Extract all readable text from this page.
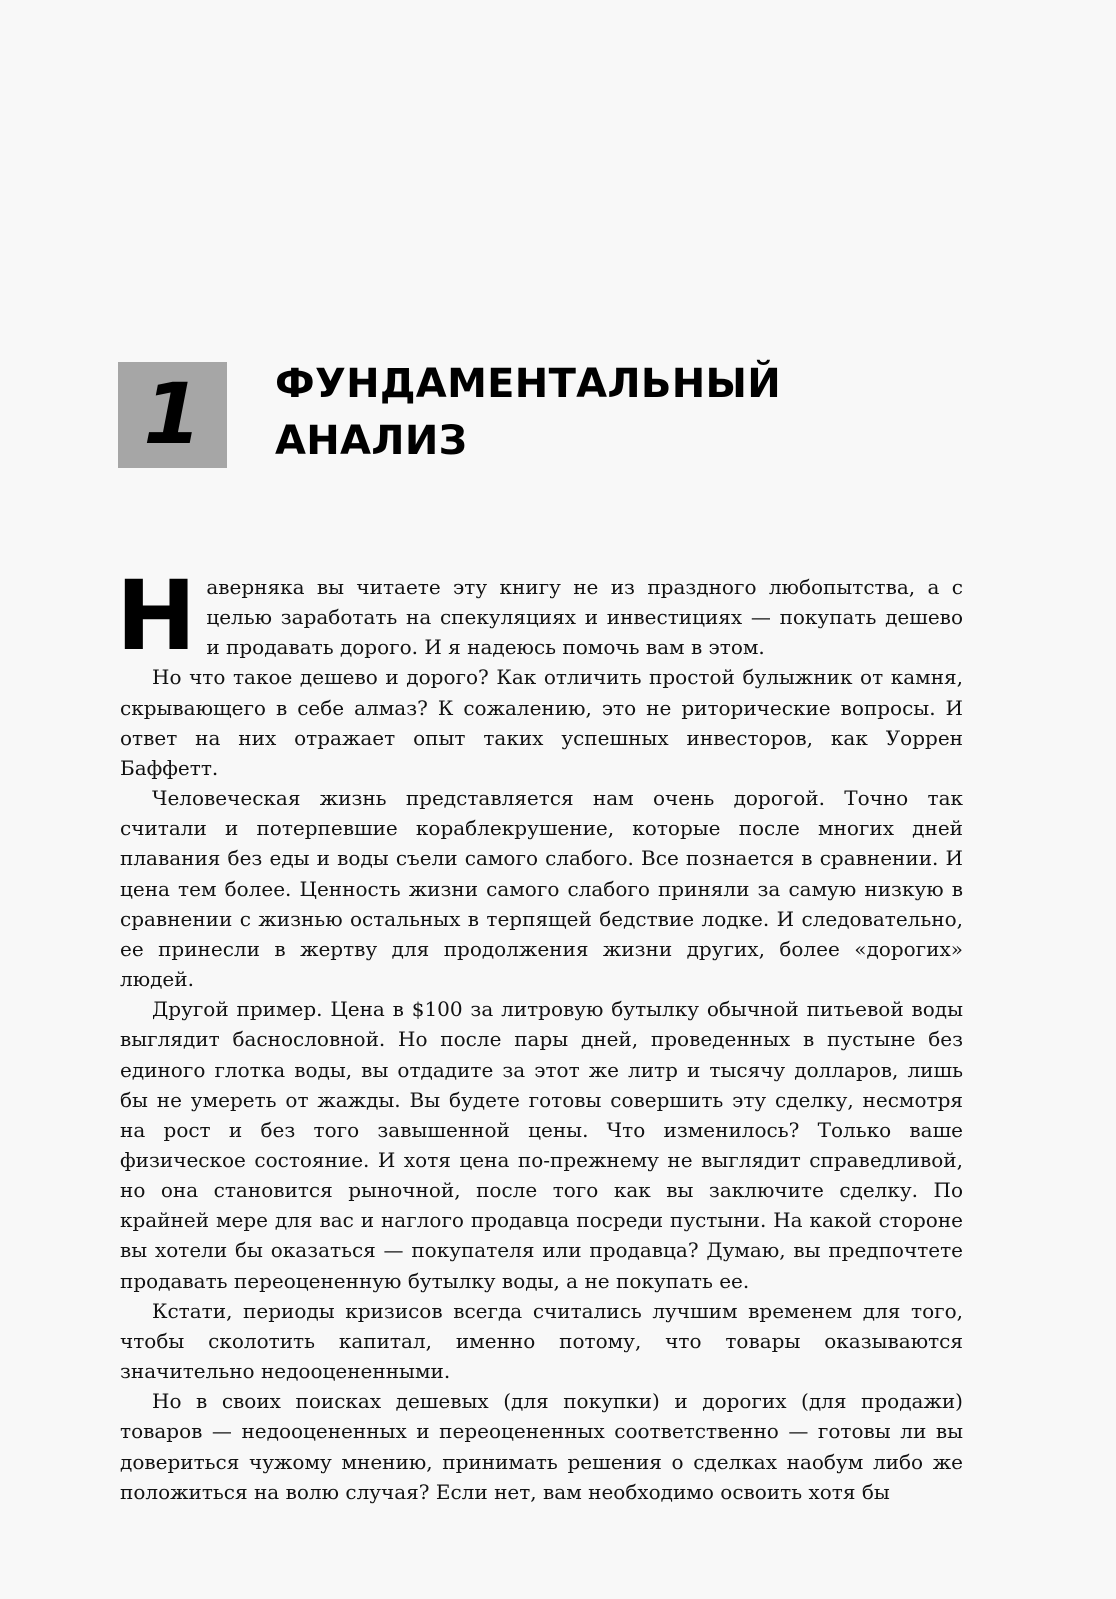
1	ФУНДАМЕНТАЛЬНЫЙ
АНАЛИЗ

Наверняка вы читаете эту книгу не из праздного любопытства, а с целью заработать на спекуляциях и инвестициях — покупать дешево и продавать дорого. И я надеюсь помочь вам в этом.

Но что такое дешево и дорого? Как отличить простой булыжник от камня, скрывающего в себе алмаз? К сожалению, это не риторические вопросы. И ответ на них отражает опыт таких успешных инвесторов, как Уоррен Баффетт.

Человеческая жизнь представляется нам очень дорогой. Точно так считали и потерпевшие кораблекрушение, которые после многих дней плавания без еды и воды съели самого слабого. Все познается в сравнении. И цена тем более. Ценность жизни самого слабого приняли за самую низкую в сравнении с жизнью остальных в терпящей бедствие лодке. И следовательно, ее принесли в жертву для продолжения жизни других, более «дорогих» людей.

Другой пример. Цена в $100 за литровую бутылку обычной питьевой воды выглядит баснословной. Но после пары дней, проведенных в пустыне без единого глотка воды, вы отдадите за этот же литр и тысячу долларов, лишь бы не умереть от жажды. Вы будете готовы совершить эту сделку, несмотря на рост и без того завышенной цены. Что изменилось? Только ваше физическое состояние. И хотя цена по-прежнему не выглядит справедливой, но она становится рыночной, после того как вы заключите сделку. По крайней мере для вас и наглого продавца посреди пустыни. На какой стороне вы хотели бы оказаться — покупателя или продавца? Думаю, вы предпочтете продавать переоцененную бутылку воды, а не покупать ее.

Кстати, периоды кризисов всегда считались лучшим временем для того, чтобы сколотить капитал, именно потому, что товары оказываются значительно недооцененными.

Но в своих поисках дешевых (для покупки) и дорогих (для продажи) товаров — недооцененных и переоцененных соответственно — готовы ли вы довериться чужому мнению, принимать решения о сделках наобум либо же положиться на волю случая? Если нет, вам необходимо освоить хотя бы
